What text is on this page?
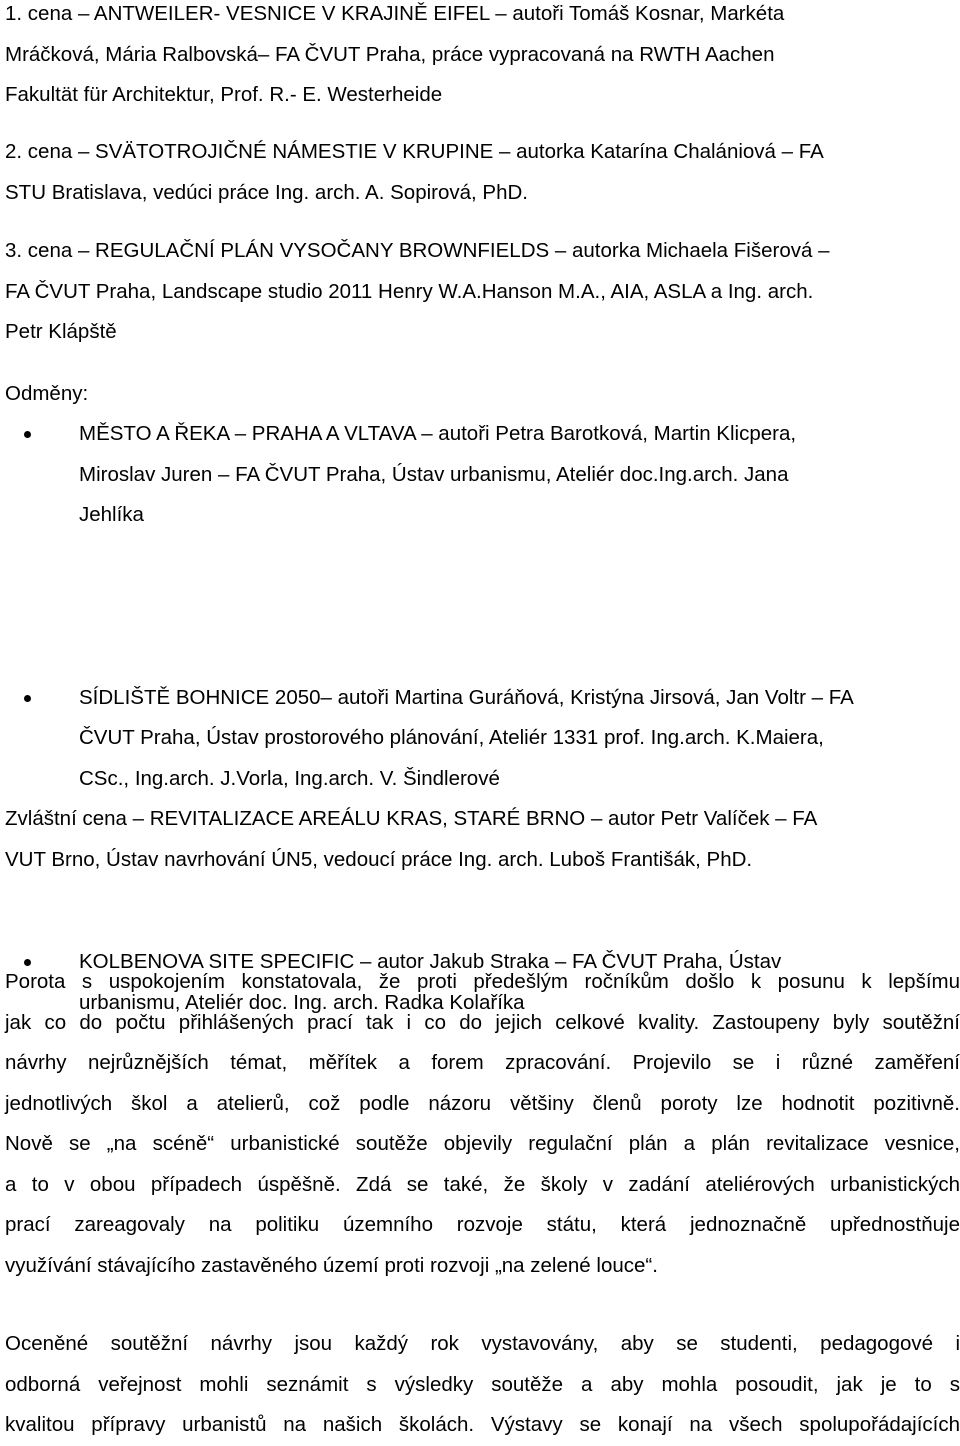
1. cena – ANTWEILER- VESNICE V KRAJINĚ EIFEL – autoři Tomáš Kosnar, Markéta
Mráčková, Mária Ralbovská– FA ČVUT Praha, práce vypracovaná na RWTH Aachen
Fakultät für Architektur, Prof. R.- E. Westerheide

2. cena – SVÄTOTROJIČNÉ NÁMESTIE V KRUPINE – autorka Katarína Chalániová – FA
STU Bratislava, vedúci práce Ing. arch. A. Sopirová, PhD.

3. cena – REGULAČNÍ PLÁN VYSOČANY BROWNFIELDS – autorka Michaela Fišerová –
FA ČVUT Praha, Landscape studio 2011 Henry W.A.Hanson M.A., AIA, ASLA a Ing. arch.
Petr Klápště

Odměny:

MĚSTO A ŘEKA – PRAHA A VLTAVA – autoři Petra Barotková, Martin Klicpera,
Miroslav Juren – FA ČVUT Praha, Ústav urbanismu, Ateliér doc.Ing.arch. Jana
Jehlíka
SÍDLIŠTĚ BOHNICE 2050– autoři Martina Guráňová, Kristýna Jirsová, Jan Voltr – FA
ČVUT Praha, Ústav prostorového plánování, Ateliér 1331 prof. Ing.arch. K.Maiera,
CSc., Ing.arch. J.Vorla, Ing.arch. V. Šindlerové
KOLBENOVA SITE SPECIFIC – autor Jakub Straka – FA ČVUT Praha, Ústav
urbanismu, Ateliér doc. Ing. arch. Radka Kolaříka

Zvláštní cena – REVITALIZACE AREÁLU KRAS, STARÉ BRNO – autor Petr Valíček – FA
VUT Brno, Ústav navrhování ÚN5, vedoucí práce Ing. arch. Luboš Františák, PhD.

Porota s uspokojením konstatovala, že proti předešlým ročníkům došlo k posunu k lepšímu
jak co do počtu přihlášených prací tak i co do jejich celkové kvality. Zastoupeny byly soutěžní
návrhy nejrůznějších témat, měřítek a forem zpracování. Projevilo se i různé zaměření
jednotlivých škol a atelierů, což podle názoru většiny členů poroty lze hodnotit pozitivně.
Nově se „na scéně“ urbanistické soutěže objevily regulační plán a plán revitalizace vesnice,
a to v obou případech úspěšně. Zdá se také, že školy v zadání ateliérových urbanistických
prací zareagovaly na politiku územního rozvoje státu, která jednoznačně upřednostňuje
využívání stávajícího zastavěného území proti rozvoji „na zelené louce“.

Oceněné soutěžní návrhy jsou každý rok vystavovány, aby se studenti, pedagogové i
odborná veřejnost mohli seznámit s výsledky soutěže a aby mohla posoudit, jak je to s
kvalitou přípravy urbanistů na našich školách. Výstavy se konají na všech spolupořádajících
